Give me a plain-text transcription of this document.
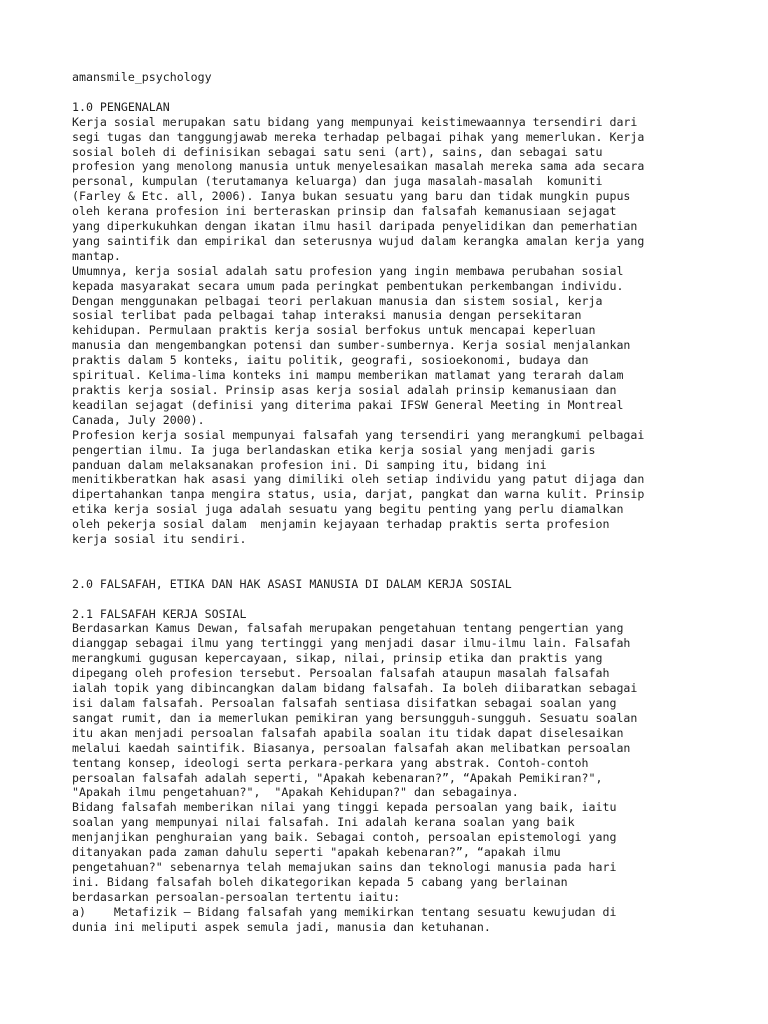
amansmile_psychology
1.0 PENGENALAN
Kerja sosial merupakan satu bidang yang mempunyai keistimewaannya tersendiri dari
segi tugas dan tanggungjawab mereka terhadap pelbagai pihak yang memerlukan. Kerja
sosial boleh di definisikan sebagai satu seni (art), sains, dan sebagai satu
profesion yang menolong manusia untuk menyelesaikan masalah mereka sama ada secara
personal, kumpulan (terutamanya keluarga) dan juga masalah-masalah  komuniti
(Farley & Etc. all, 2006). Ianya bukan sesuatu yang baru dan tidak mungkin pupus
oleh kerana profesion ini berteraskan prinsip dan falsafah kemanusiaan sejagat
yang diperkukuhkan dengan ikatan ilmu hasil daripada penyelidikan dan pemerhatian
yang saintifik dan empirikal dan seterusnya wujud dalam kerangka amalan kerja yang
mantap.
Umumnya, kerja sosial adalah satu profesion yang ingin membawa perubahan sosial
kepada masyarakat secara umum pada peringkat pembentukan perkembangan individu.
Dengan menggunakan pelbagai teori perlakuan manusia dan sistem sosial, kerja
sosial terlibat pada pelbagai tahap interaksi manusia dengan persekitaran
kehidupan. Permulaan praktis kerja sosial berfokus untuk mencapai keperluan
manusia dan mengembangkan potensi dan sumber-sumbernya. Kerja sosial menjalankan
praktis dalam 5 konteks, iaitu politik, geografi, sosioekonomi, budaya dan
spiritual. Kelima-lima konteks ini mampu memberikan matlamat yang terarah dalam
praktis kerja sosial. Prinsip asas kerja sosial adalah prinsip kemanusiaan dan
keadilan sejagat (definisi yang diterima pakai IFSW General Meeting in Montreal
Canada, July 2000).
Profesion kerja sosial mempunyai falsafah yang tersendiri yang merangkumi pelbagai
pengertian ilmu. Ia juga berlandaskan etika kerja sosial yang menjadi garis
panduan dalam melaksanakan profesion ini. Di samping itu, bidang ini
menitikberatkan hak asasi yang dimiliki oleh setiap individu yang patut dijaga dan
dipertahankan tanpa mengira status, usia, darjat, pangkat dan warna kulit. Prinsip
etika kerja sosial juga adalah sesuatu yang begitu penting yang perlu diamalkan
oleh pekerja sosial dalam  menjamin kejayaan terhadap praktis serta profesion
kerja sosial itu sendiri.
2.0 FALSAFAH, ETIKA DAN HAK ASASI MANUSIA DI DALAM KERJA SOSIAL
2.1 FALSAFAH KERJA SOSIAL
Berdasarkan Kamus Dewan, falsafah merupakan pengetahuan tentang pengertian yang
dianggap sebagai ilmu yang tertinggi yang menjadi dasar ilmu-ilmu lain. Falsafah
merangkumi gugusan kepercayaan, sikap, nilai, prinsip etika dan praktis yang
dipegang oleh profesion tersebut. Persoalan falsafah ataupun masalah falsafah
ialah topik yang dibincangkan dalam bidang falsafah. Ia boleh diibaratkan sebagai
isi dalam falsafah. Persoalan falsafah sentiasa disifatkan sebagai soalan yang
sangat rumit, dan ia memerlukan pemikiran yang bersungguh-sungguh. Sesuatu soalan
itu akan menjadi persoalan falsafah apabila soalan itu tidak dapat diselesaikan
melalui kaedah saintifik. Biasanya, persoalan falsafah akan melibatkan persoalan
tentang konsep, ideologi serta perkara-perkara yang abstrak. Contoh-contoh
persoalan falsafah adalah seperti, "Apakah kebenaran?”, “Apakah Pemikiran?",
"Apakah ilmu pengetahuan?",  "Apakah Kehidupan?" dan sebagainya.
Bidang falsafah memberikan nilai yang tinggi kepada persoalan yang baik, iaitu
soalan yang mempunyai nilai falsafah. Ini adalah kerana soalan yang baik
menjanjikan penghuraian yang baik. Sebagai contoh, persoalan epistemologi yang
ditanyakan pada zaman dahulu seperti "apakah kebenaran?”, “apakah ilmu
pengetahuan?" sebenarnya telah memajukan sains dan teknologi manusia pada hari
ini. Bidang falsafah boleh dikategorikan kepada 5 cabang yang berlainan
berdasarkan persoalan-persoalan tertentu iaitu:
a)    Metafizik – Bidang falsafah yang memikirkan tentang sesuatu kewujudan di
dunia ini meliputi aspek semula jadi, manusia dan ketuhanan.
